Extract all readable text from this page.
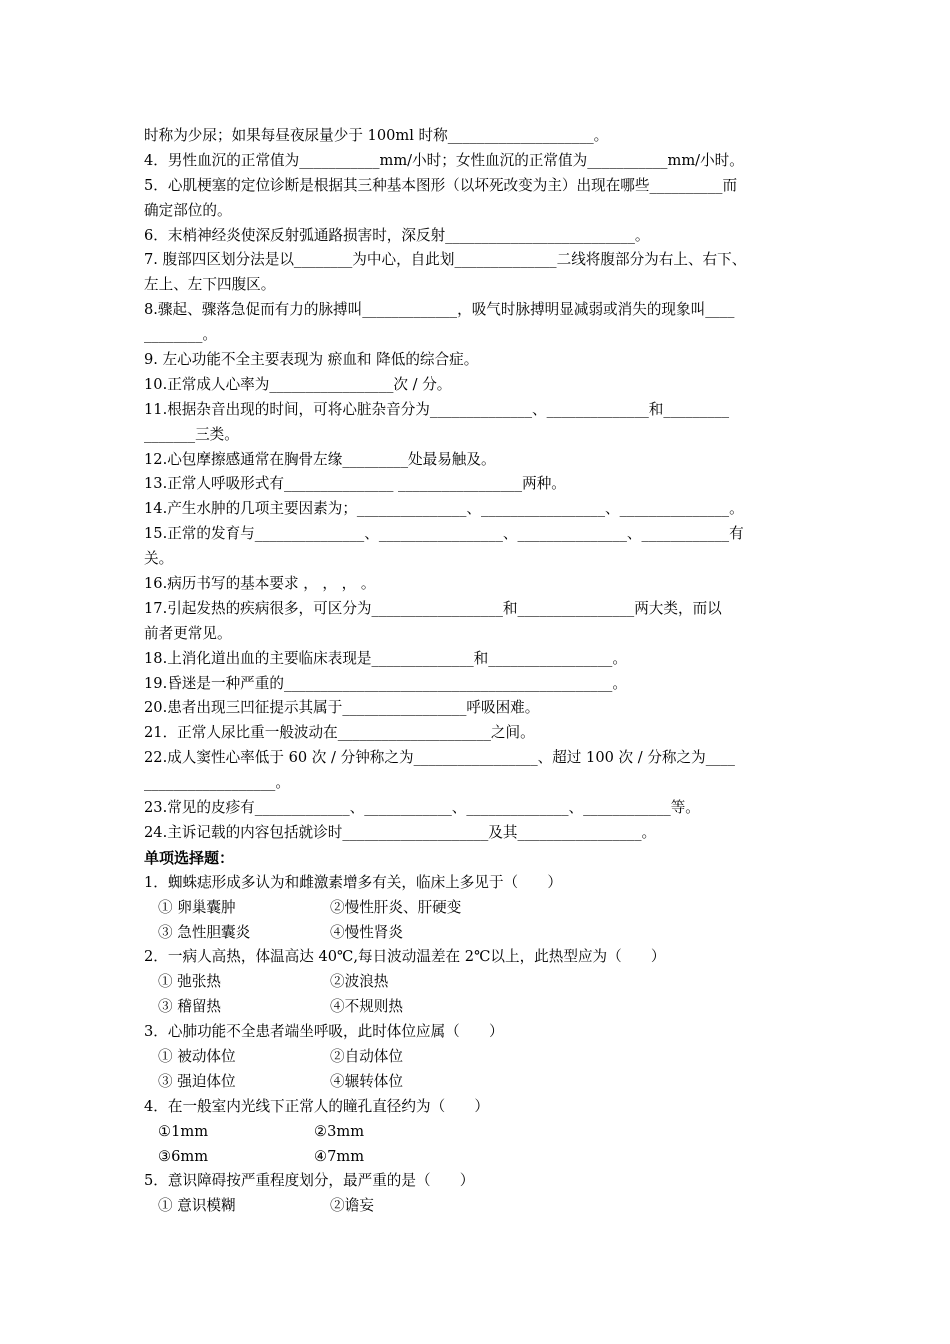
时称为少尿；如果每昼夜尿量少于 100ml 时称____________________。
4．男性血沉的正常值为___________mm/小时；女性血沉的正常值为___________mm/小时。
5．心肌梗塞的定位诊断是根据其三种基本图形（以坏死改变为主）出现在哪些__________而
确定部位的。
6．末梢神经炎使深反射弧通路损害时，深反射__________________________。
7. 腹部四区划分法是以________为中心，自此划______________二线将腹部分为右上、右下、
左上、左下四腹区。
8.骤起、骤落急促而有力的脉搏叫_____________，吸气时脉搏明显减弱或消失的现象叫____
________。
9. 左心功能不全主要表现为 瘀血和 降低的综合症。
10.正常成人心率为_________________次 / 分。
11.根据杂音出现的时间，可将心脏杂音分为______________、______________和_________
_______三类。
12.心包摩擦感通常在胸骨左缘_________处最易触及。
13.正常人呼吸形式有_______________ _________________两种。
14.产生水肿的几项主要因素为；_______________、_________________、_______________。
15.正常的发育与_______________、_________________、_______________、____________有
关。
16.病历书写的基本要求 ， ， ， 。
17.引起发热的疾病很多，可区分为__________________和________________两大类，而以
前者更常见。
18.上消化道出血的主要临床表现是______________和_________________。
19.昏迷是一种严重的_____________________________________________。
20.患者出现三凹征提示其属于_________________呼吸困难。
21．正常人尿比重一般波动在_____________________之间。
22.成人窦性心率低于 60 次 / 分钟称之为_________________、超过 100 次 / 分称之为____
__________________。
23.常见的皮疹有_____________、____________、______________、____________等。
24.主诉记载的内容包括就诊时____________________及其_________________。
单项选择题：
1．蜘蛛痣形成多认为和雌激素增多有关，临床上多见于（　　）
① 卵巢囊肿	②慢性肝炎、肝硬变
③ 急性胆囊炎	④慢性肾炎
2．一病人高热，体温高达 40℃,每日波动温差在 2℃以上，此热型应为（　　）
① 弛张热	②波浪热
③ 稽留热	④不规则热
3．心肺功能不全患者端坐呼吸，此时体位应属（　　）
① 被动体位	②自动体位
③ 强迫体位	④辗转体位
4．在一般室内光线下正常人的瞳孔直径约为（　　）
①1mm	②3mm
③6mm	④7mm
5．意识障碍按严重程度划分，最严重的是（　　）
① 意识模糊	②谵妄
